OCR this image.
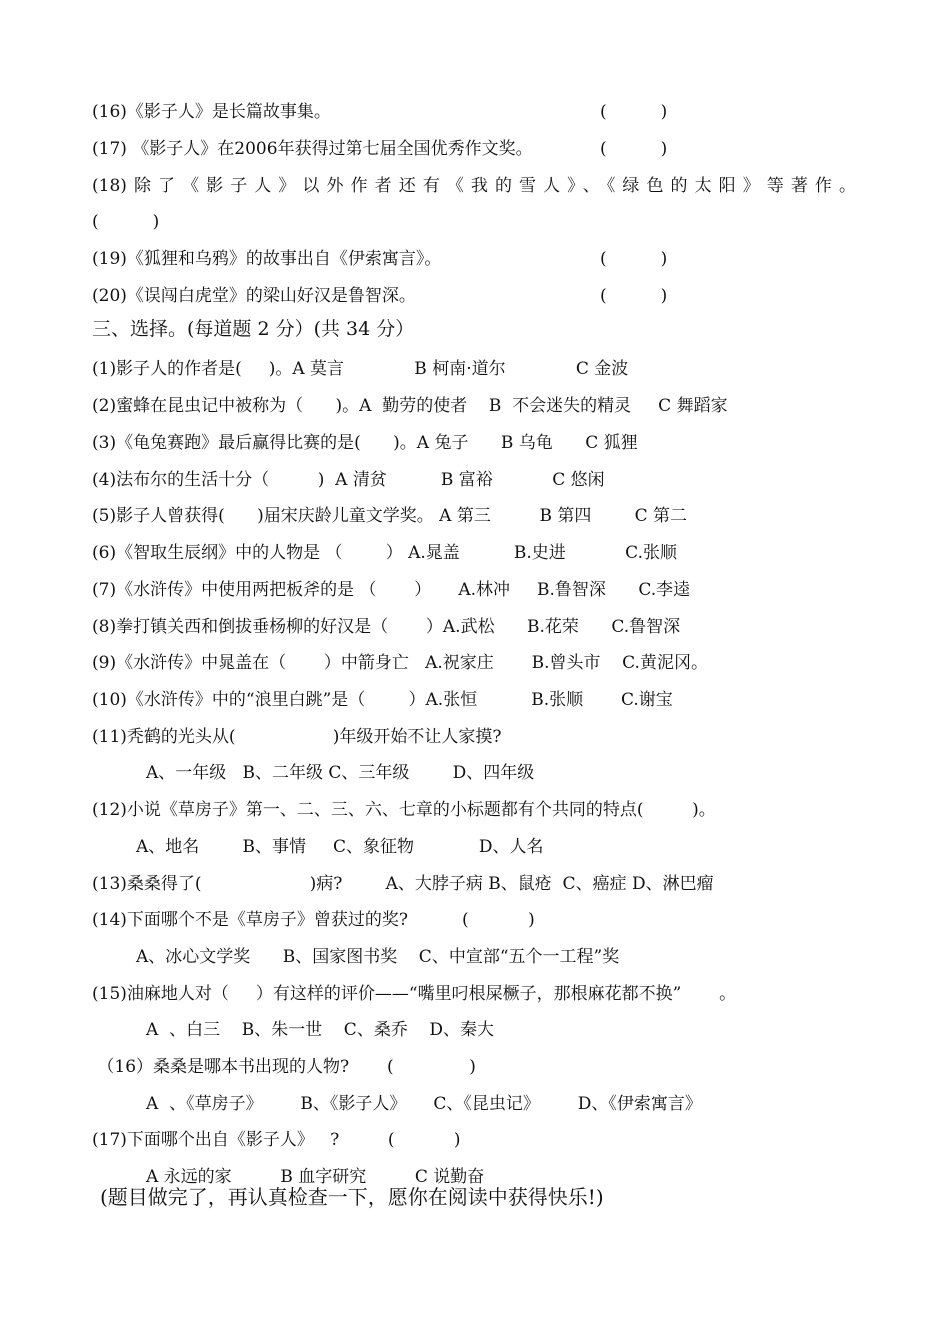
(16)《影子人》是长篇故事集。	(          )
(17) 《影子人》在2006年获得过第七届全国优秀作文奖。	(          )
(18)除了《影子人》以外作者还有《我的雪人》、《绿色的太阳》等著作。
(          )
(19)《狐狸和乌鸦》的故事出自《伊索寓言》。	(          )
(20)《误闯白虎堂》的梁山好汉是鲁智深。	(          )
三、选择。(每道题 2 分）(共 34 分）
(1)影子人的作者是(     )。A 莫言             B 柯南·道尔             C 金波
(2)蜜蜂在昆虫记中被称为（      )。A  勤劳的使者    B  不会迷失的精灵     C 舞蹈家
(3)《龟兔赛跑》最后赢得比赛的是(      )。A 兔子      B 乌龟      C 狐狸
(4)法布尔的生活十分（         )  A 清贫          B 富裕           C 悠闲
(5)影子人曾获得(      )届宋庆龄儿童文学奖。 A 第三         B 第四        C 第二
(6)《智取生辰纲》中的人物是 （        ） A.晁盖          B.史进           C.张顺
(7)《水浒传》中使用两把板斧的是 （       ）     A.林冲     B.鲁智深      C.李逵
(8)拳打镇关西和倒拔垂杨柳的好汉是（       ）A.武松      B.花荣      C.鲁智深
(9)《水浒传》中晁盖在（       ）中箭身亡   A.祝家庄       B.曾头市    C.黄泥冈。
(10)《水浒传》中的“浪里白跳”是（        ）A.张恒          B.张顺       C.谢宝
(11)秃鹤的光头从(                  )年级开始不让人家摸?
A、一年级   B、二年级 C、三年级        D、四年级
(12)小说《草房子》第一、二、三、六、七章的小标题都有个共同的特点(         )。
A、地名        B、事情     C、象征物            D、人名
(13)桑桑得了(                    )病?        A、大脖子病 B、鼠疮  C、癌症 D、淋巴瘤
(14)下面哪个不是《草房子》曾获过的奖?          (           )
A、冰心文学奖      B、国家图书奖    C、中宣部“五个一工程”奖
(15)油麻地人对（     ）有这样的评价——“嘴里叼根屎橛子，那根麻花都不换”       。
A  、白三    B、朱一世    C、桑乔    D、秦大
（16）桑桑是哪本书出现的人物?       (              )
A  、《草房子》       B、《影子人》     C、《昆虫记》       D、《伊索寓言》
(17)下面哪个出自《影子人》   ?         (           )
A 永远的家         B 血字研究         C 说勤奋
(题目做完了，再认真检查一下，愿你在阅读中获得快乐!)
